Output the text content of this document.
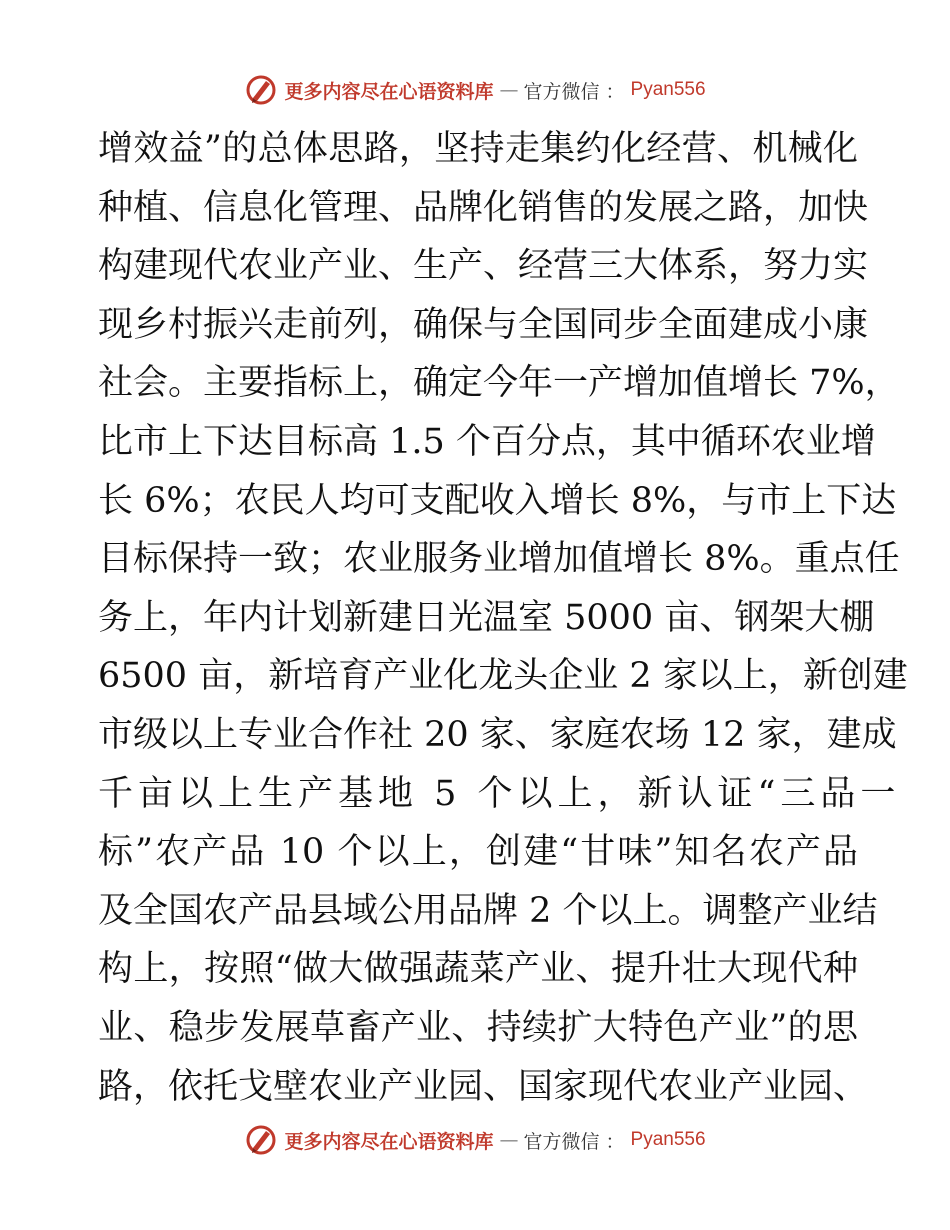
更多内容尽在心语资料库 — 官方微信 ： Pyan556
增效益”的总体思路，坚持走集约化经营、机械化
种植、信息化管理、品牌化销售的发展之路，加快
构建现代农业产业、生产、经营三大体系，努力实
现乡村振兴走前列，确保与全国同步全面建成小康
社会。主要指标上，确定今年一产增加值增长 7%，
比市上下达目标高 1.5 个百分点，其中循环农业增
长 6%；农民人均可支配收入增长 8%，与市上下达
目标保持一致；农业服务业增加值增长 8%。重点任
务上，年内计划新建日光温室 5000 亩、钢架大棚
6500 亩，新培育产业化龙头企业 2 家以上，新创建
市级以上专业合作社 20 家、家庭农场 12 家，建成
千亩以上生产基地 5 个以上，新认证“三品一
标”农产品 10 个以上，创建“甘味”知名农产品
及全国农产品县域公用品牌 2 个以上。调整产业结
构上，按照“做大做强蔬菜产业、提升壮大现代种
业、稳步发展草畜产业、持续扩大特色产业”的思
路，依托戈壁农业产业园、国家现代农业产业园、
更多内容尽在心语资料库 — 官方微信 ： Pyan556
